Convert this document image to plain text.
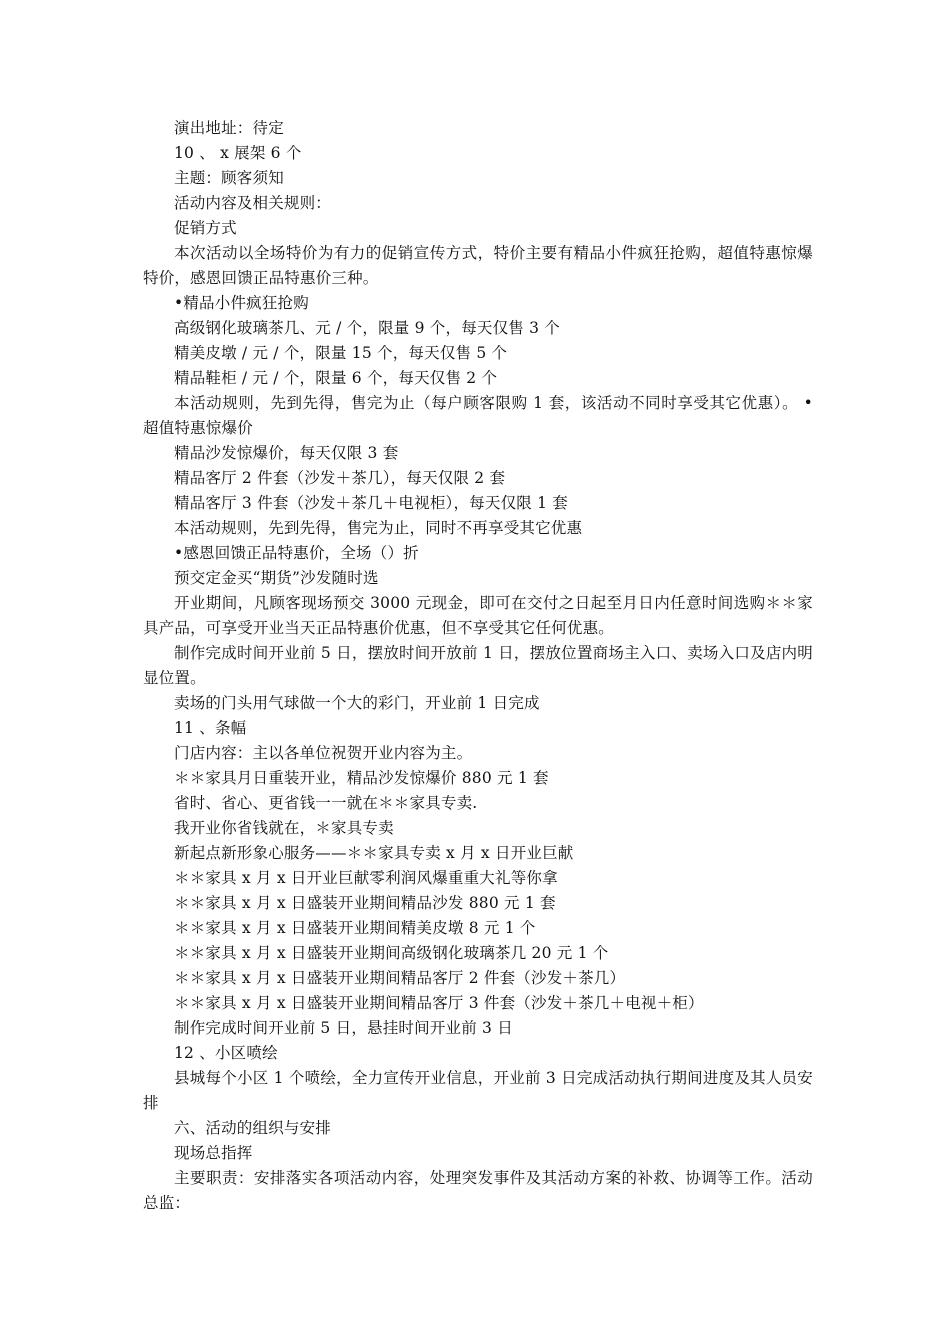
演出地址：待定
10 、 x 展架 6 个
主题：顾客须知
活动内容及相关规则：
促销方式
本次活动以全场特价为有力的促销宣传方式，特价主要有精品小件疯狂抢购，超值特惠惊爆特价，感恩回馈正品特惠价三种。
•精品小件疯狂抢购
高级钢化玻璃茶几、元 / 个，限量 9 个，每天仅售 3 个
精美皮墩 / 元 / 个，限量 15 个，每天仅售 5 个
精品鞋柜 / 元 / 个，限量 6 个，每天仅售 2 个
本活动规则，先到先得，售完为止（每户顾客限购 1 套，该活动不同时享受其它优惠）。 •超值特惠惊爆价
精品沙发惊爆价，每天仅限 3 套
精品客厅 2 件套（沙发＋茶几），每天仅限 2 套
精品客厅 3 件套（沙发＋茶几＋电视柜），每天仅限 1 套
本活动规则，先到先得，售完为止，同时不再享受其它优惠
•感恩回馈正品特惠价，全场（）折
预交定金买“期货”沙发随时选
开业期间，凡顾客现场预交 3000 元现金，即可在交付之日起至月日内任意时间选购＊＊家具产品，可享受开业当天正品特惠价优惠，但不享受其它任何优惠。
制作完成时间开业前 5 日，摆放时间开放前 1 日，摆放位置商场主入口、卖场入口及店内明显位置。
卖场的门头用气球做一个大的彩门，开业前 1 日完成
11 、条幅
门店内容：主以各单位祝贺开业内容为主。
＊＊家具月日重装开业，精品沙发惊爆价 880 元 1 套
省时、省心、更省钱一一就在＊＊家具专卖.
我开业你省钱就在，＊家具专卖
新起点新形象心服务——＊＊家具专卖 x 月 x 日开业巨献
＊＊家具 x 月 x 日开业巨献零利润风爆重重大礼等你拿
＊＊家具 x 月 x 日盛装开业期间精品沙发 880 元 1 套
＊＊家具 x 月 x 日盛装开业期间精美皮墩 8 元 1 个
＊＊家具 x 月 x 日盛装开业期间高级钢化玻璃茶几 20 元 1 个
＊＊家具 x 月 x 日盛装开业期间精品客厅 2 件套（沙发＋茶几）
＊＊家具 x 月 x 日盛装开业期间精品客厅 3 件套（沙发＋茶几＋电视＋柜）
制作完成时间开业前 5 日，悬挂时间开业前 3 日
12 、小区喷绘
县城每个小区 1 个喷绘，全力宣传开业信息，开业前 3 日完成活动执行期间进度及其人员安排
六、活动的组织与安排
现场总指挥
主要职责：安排落实各项活动内容，处理突发事件及其活动方案的补救、协调等工作。活动总监：
